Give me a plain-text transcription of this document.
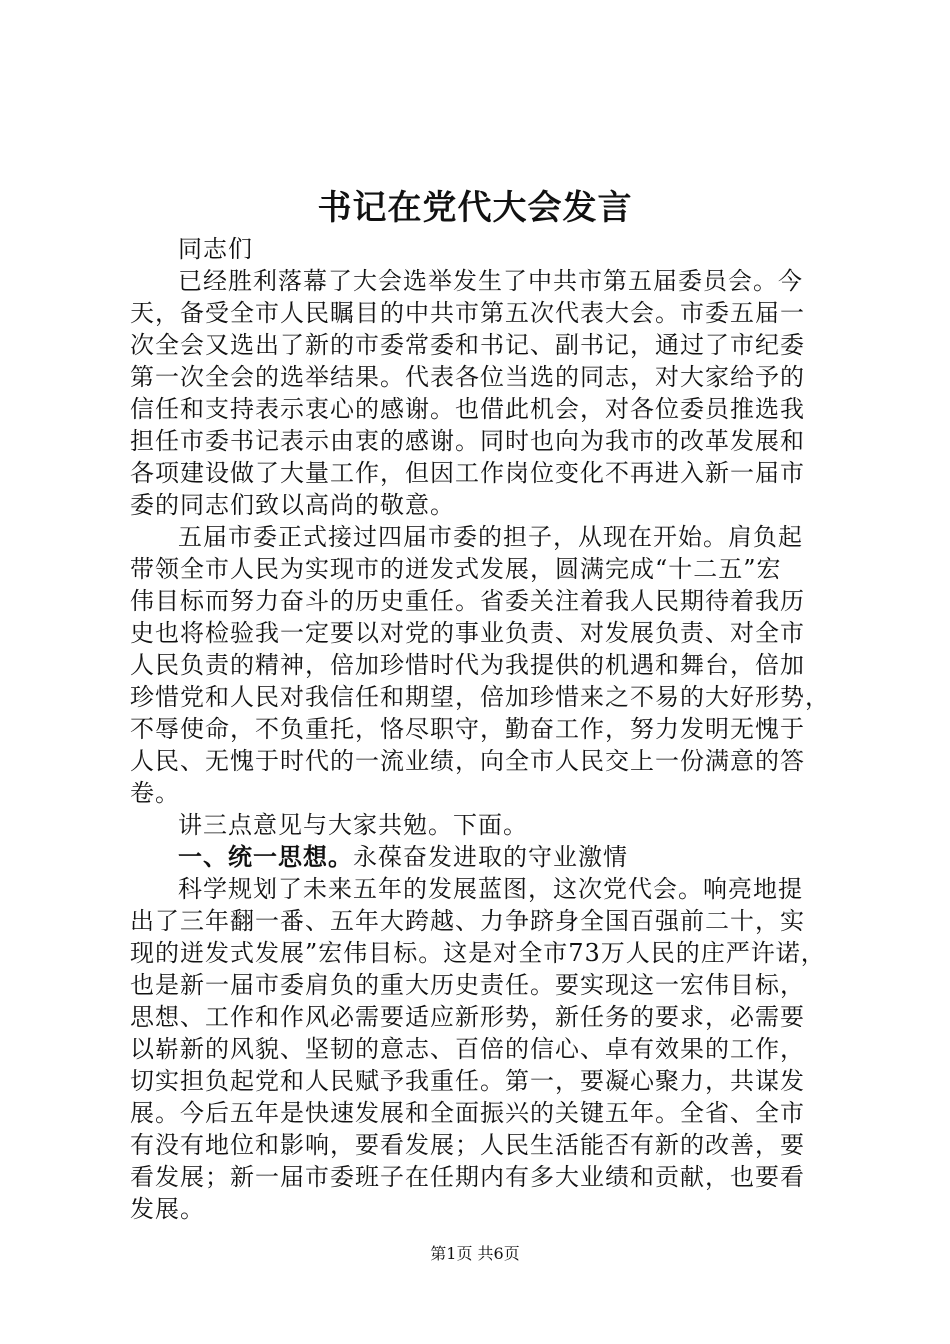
书记在党代大会发言
同志们
已经胜利落幕了大会选举发生了中共市第五届委员会。今
天，备受全市人民瞩目的中共市第五次代表大会。市委五届一
次全会又选出了新的市委常委和书记、副书记，通过了市纪委
第一次全会的选举结果。代表各位当选的同志，对大家给予的
信任和支持表示衷心的感谢。也借此机会，对各位委员推选我
担任市委书记表示由衷的感谢。同时也向为我市的改革发展和
各项建设做了大量工作，但因工作岗位变化不再进入新一届市
委的同志们致以高尚的敬意。
五届市委正式接过四届市委的担子，从现在开始。肩负起
带领全市人民为实现市的迸发式发展，圆满完成“十二五”宏
伟目标而努力奋斗的历史重任。省委关注着我人民期待着我历
史也将检验我一定要以对党的事业负责、对发展负责、对全市
人民负责的精神，倍加珍惜时代为我提供的机遇和舞台，倍加
珍惜党和人民对我信任和期望，倍加珍惜来之不易的大好形势，
不辱使命，不负重托，恪尽职守，勤奋工作，努力发明无愧于
人民、无愧于时代的一流业绩，向全市人民交上一份满意的答
卷。
讲三点意见与大家共勉。下面。
一、统一思想。永葆奋发进取的守业激情
科学规划了未来五年的发展蓝图，这次党代会。响亮地提
出了三年翻一番、五年大跨越、力争跻身全国百强前二十，实
现的迸发式发展”宏伟目标。这是对全市73万人民的庄严许诺，
也是新一届市委肩负的重大历史责任。要实现这一宏伟目标，
思想、工作和作风必需要适应新形势，新任务的要求，必需要
以崭新的风貌、坚韧的意志、百倍的信心、卓有效果的工作，
切实担负起党和人民赋予我重任。第一，要凝心聚力，共谋发
展。今后五年是快速发展和全面振兴的关键五年。全省、全市
有没有地位和影响，要看发展；人民生活能否有新的改善，要
看发展；新一届市委班子在任期内有多大业绩和贡献，也要看
发展。
第1页 共6页
